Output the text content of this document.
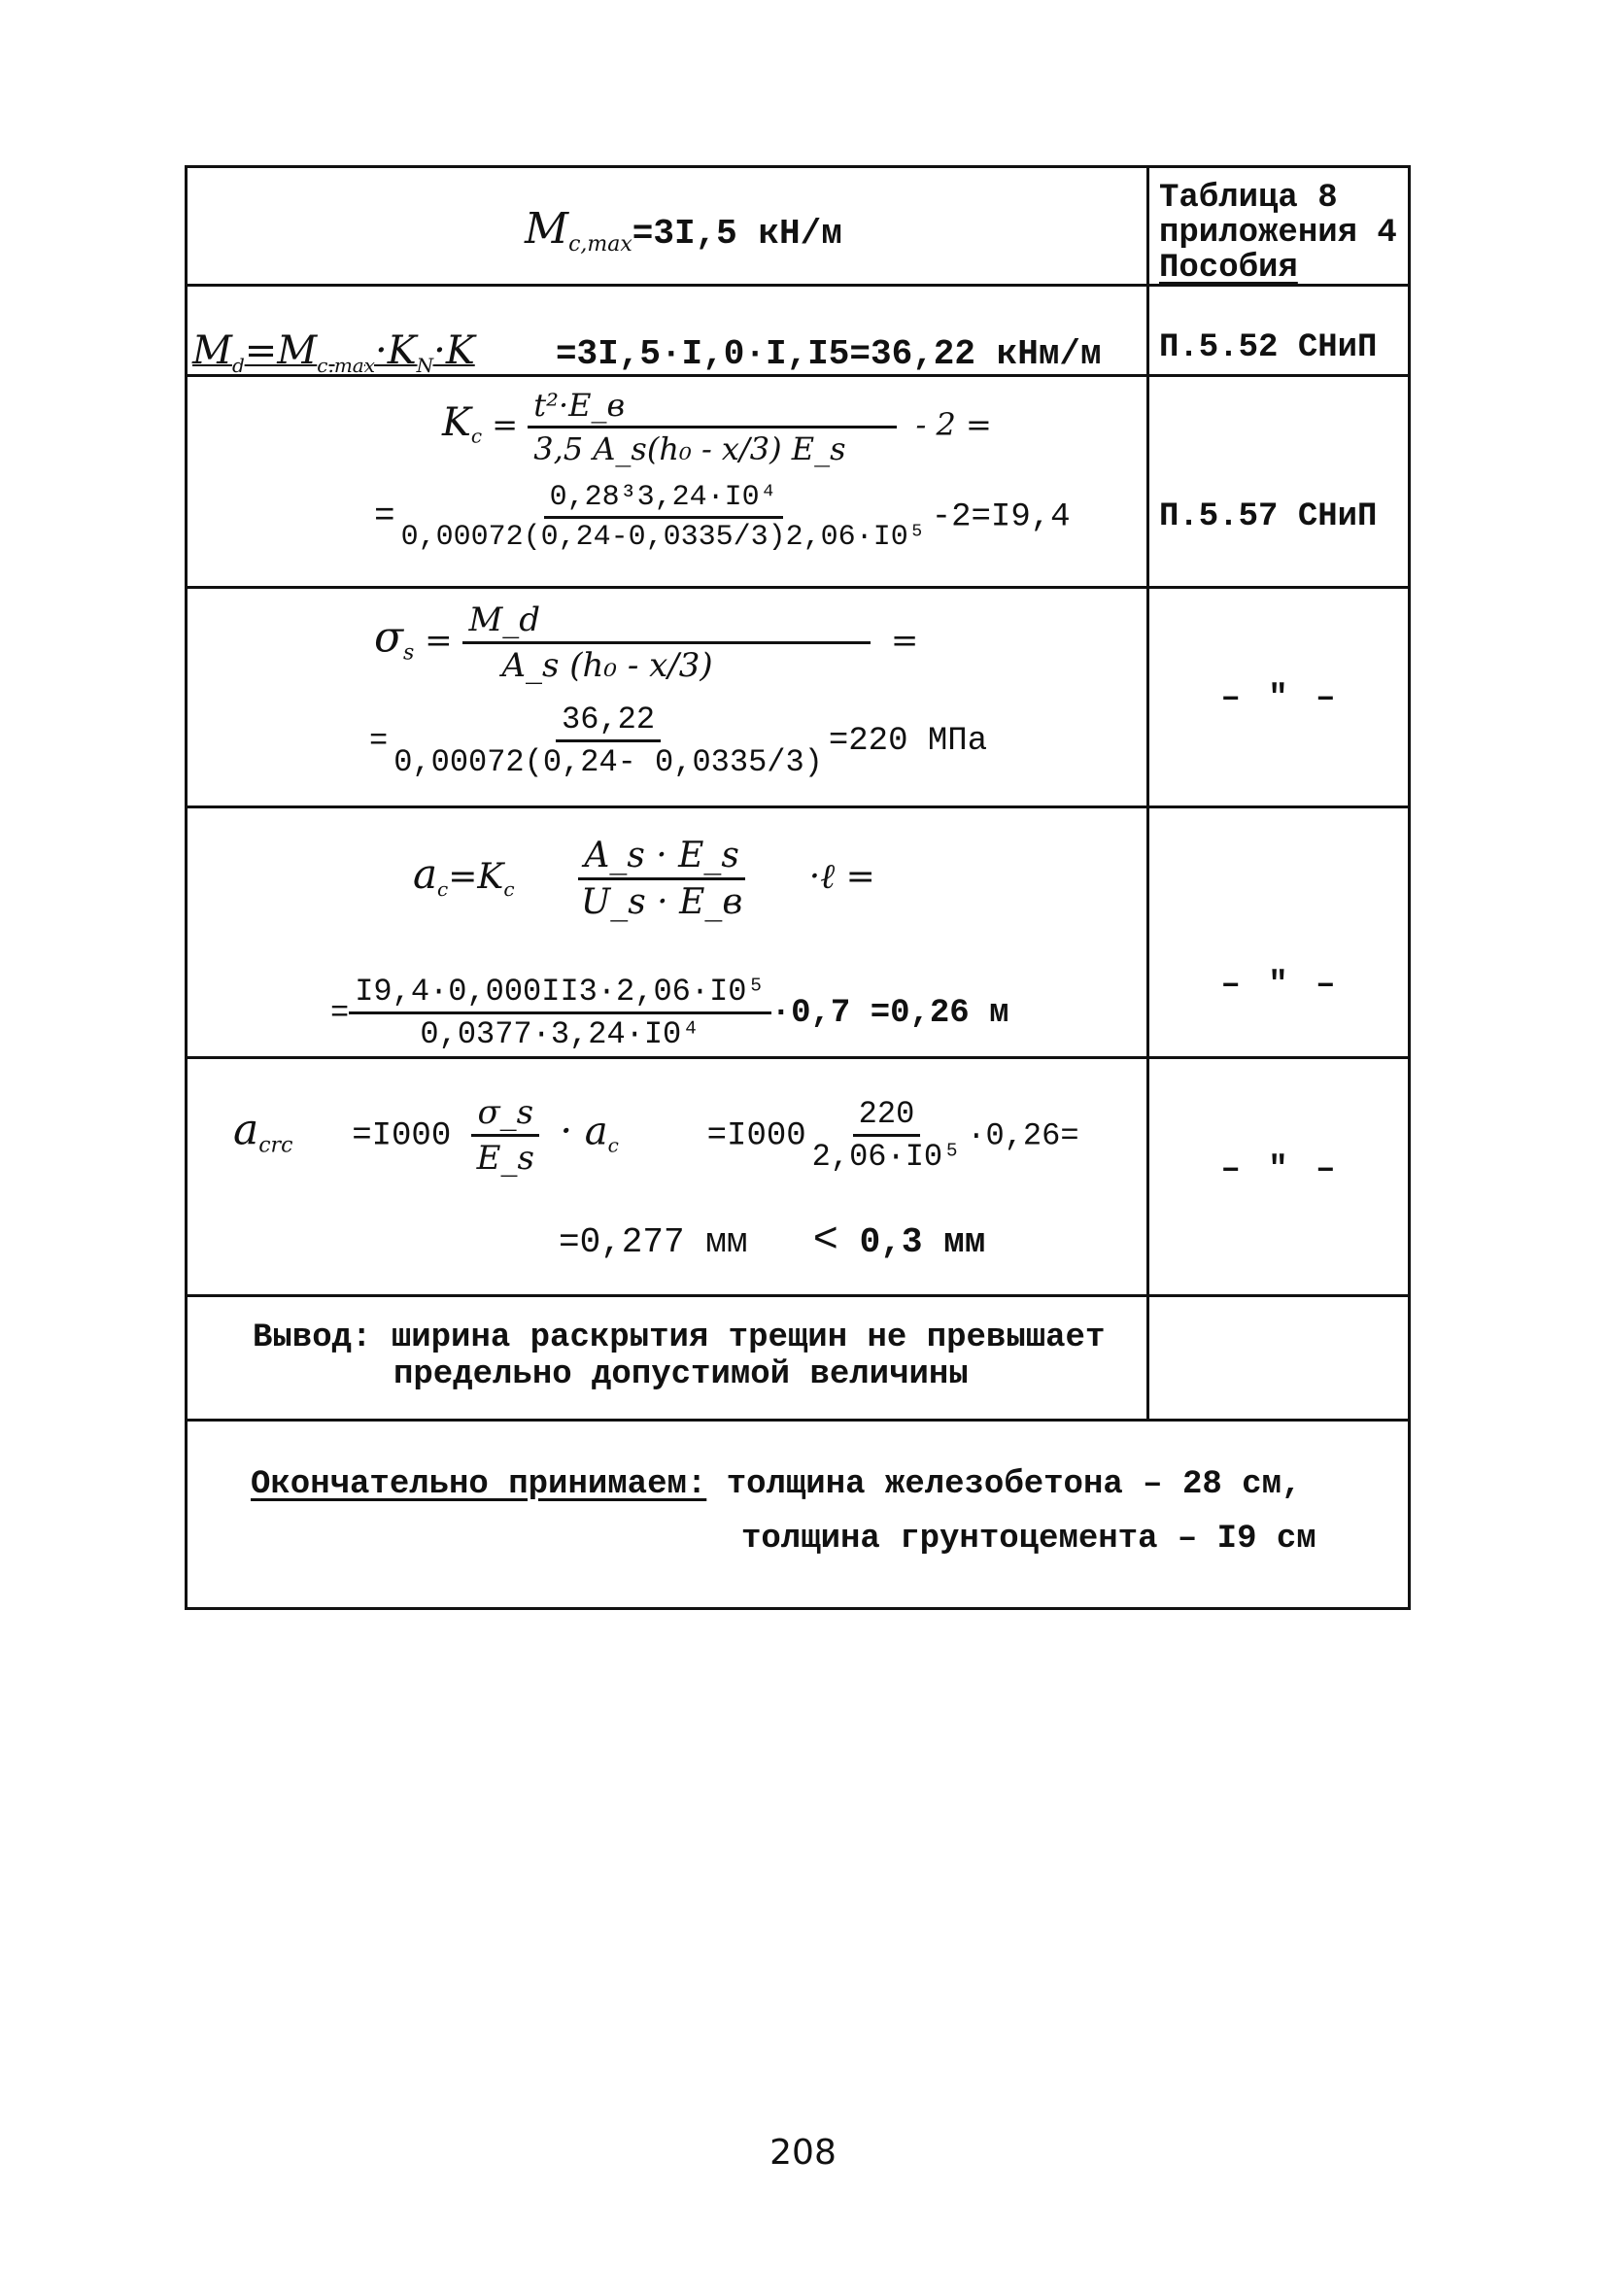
$M_{c,max}=3I,5$ кН/м
Таблица 8
приложения 4
Пособия
$M_d=M_{c.max}\cdot K_N\cdot K =3I,5\cdot I,0\cdot I,I5=36,22$ кНм/м П.5.52 СНиП
$K_c = \frac{\text{t²·E\_в}}{\text{3,5 A\_s(h₀ - x/3) E\_s}} - 2$ =
= $\frac{\text{0,28³3,24·I0⁴}}{\text{0,00072(0,24-0,0335/3)2,06·I0⁵}} -2=I9,4$	П.5.57 СНиП
$\sigma_s = \frac{M\_d}{\text{A\_s (h₀ - x/3)}}$ =
= $\frac{36,22}{0,00072(0,24- 0,0335/3)} =220$ МПа
– " –
$a_c=K_c \frac{A\_s \cdot E\_s}{U\_s \cdot E\_в}$ ·ℓ =
= $\frac{\text{I9,4·0,000II3·2,06·I0⁵}}{\text{0,0377·3,24·I0⁴}} \cdot 0,7 =0,26$ м
– " –
$a_{crc} =I000 \frac{\sigma\_s}{E\_s} \cdot a_c$	$=I000 \frac{220}{\text{2,06·I0⁵}} \cdot 0,26=$
=0,277 мм < 0,3 мм
– " –
Вывод: ширина раскрытия трещин не превышает
предельно допустимой величины
Окончательно принимаем: толщина железобетона – 28 см,
толщина грунтоцемента – I9 см
208
